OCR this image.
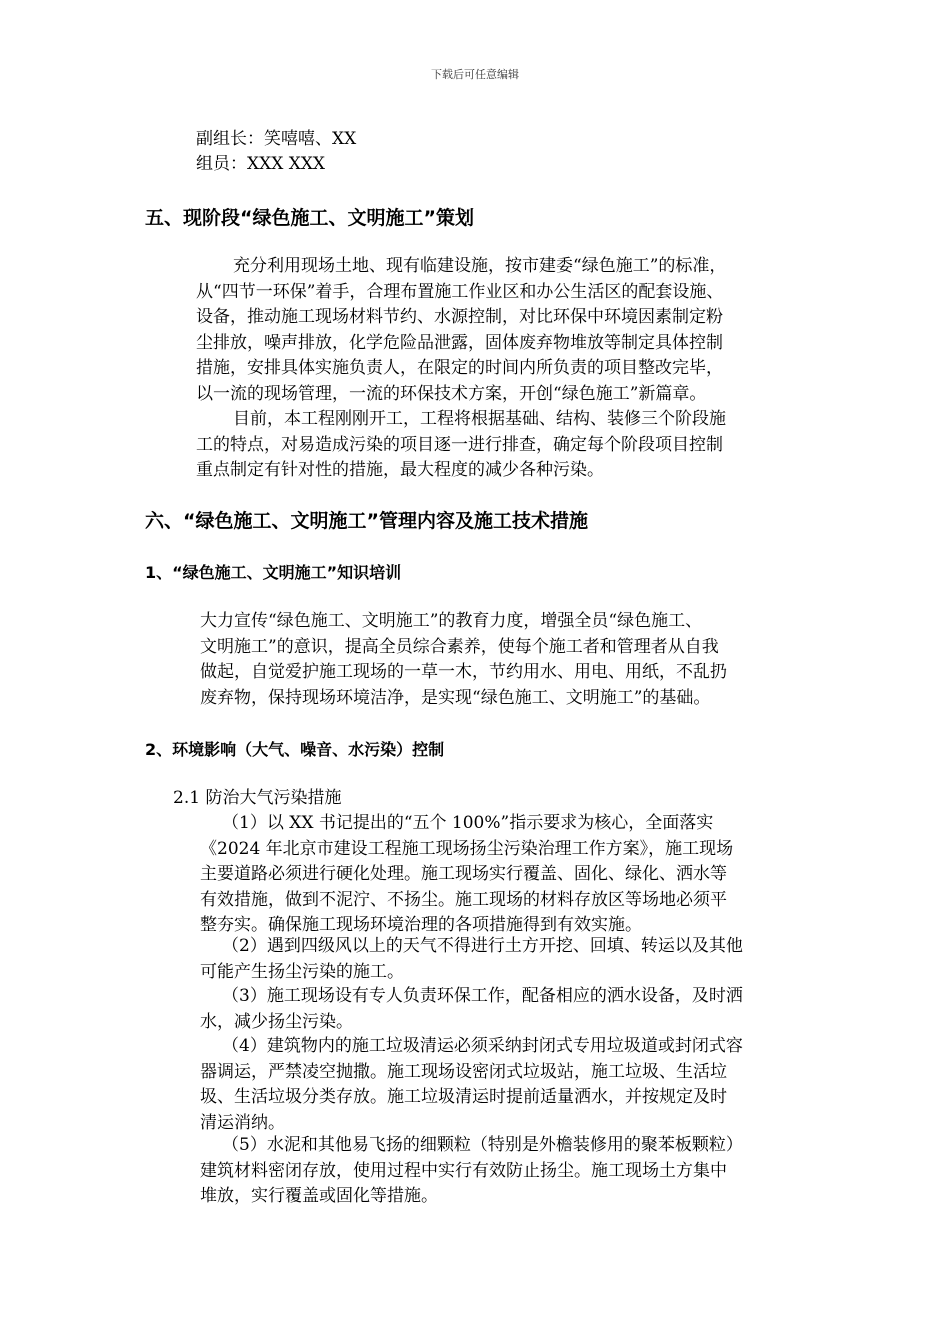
下载后可任意编辑
副组长：笑嘻嘻、XX
组员：XXX XXX
五、现阶段“绿色施工、文明施工”策划
充分利用现场土地、现有临建设施，按市建委“绿色施工”的标准，
从“四节一环保”着手，合理布置施工作业区和办公生活区的配套设施、
设备，推动施工现场材料节约、水源控制，对比环保中环境因素制定粉
尘排放，噪声排放，化学危险品泄露，固体废弃物堆放等制定具体控制
措施，安排具体实施负责人，在限定的时间内所负责的项目整改完毕，
以一流的现场管理，一流的环保技术方案，开创“绿色施工”新篇章。
目前，本工程刚刚开工，工程将根据基础、结构、装修三个阶段施
工的特点，对易造成污染的项目逐一进行排查，确定每个阶段项目控制
重点制定有针对性的措施，最大程度的减少各种污染。
六、“绿色施工、文明施工”管理内容及施工技术措施
1、“绿色施工、文明施工”知识培训
大力宣传“绿色施工、文明施工”的教育力度，增强全员“绿色施工、
文明施工”的意识，提高全员综合素养，使每个施工者和管理者从自我
做起，自觉爱护施工现场的一草一木，节约用水、用电、用纸，不乱扔
废弃物，保持现场环境洁净，是实现“绿色施工、文明施工”的基础。
2、环境影响（大气、噪音、水污染）控制
2.1 防治大气污染措施
（1）以 XX 书记提出的“五个 100%”指示要求为核心，全面落实
《2024 年北京市建设工程施工现场扬尘污染治理工作方案》，施工现场
主要道路必须进行硬化处理。施工现场实行覆盖、固化、绿化、洒水等
有效措施，做到不泥泞、不扬尘。施工现场的材料存放区等场地必须平
整夯实。确保施工现场环境治理的各项措施得到有效实施。
（2）遇到四级风以上的天气不得进行土方开挖、回填、转运以及其他
可能产生扬尘污染的施工。
（3）施工现场设有专人负责环保工作，配备相应的洒水设备，及时洒
水，减少扬尘污染。
（4）建筑物内的施工垃圾清运必须采纳封闭式专用垃圾道或封闭式容
器调运，严禁凌空抛撒。施工现场设密闭式垃圾站，施工垃圾、生活垃
圾、生活垃圾分类存放。施工垃圾清运时提前适量洒水，并按规定及时
清运消纳。
（5）水泥和其他易飞扬的细颗粒（特别是外檐装修用的聚苯板颗粒）
建筑材料密闭存放，使用过程中实行有效防止扬尘。施工现场土方集中
堆放，实行覆盖或固化等措施。
